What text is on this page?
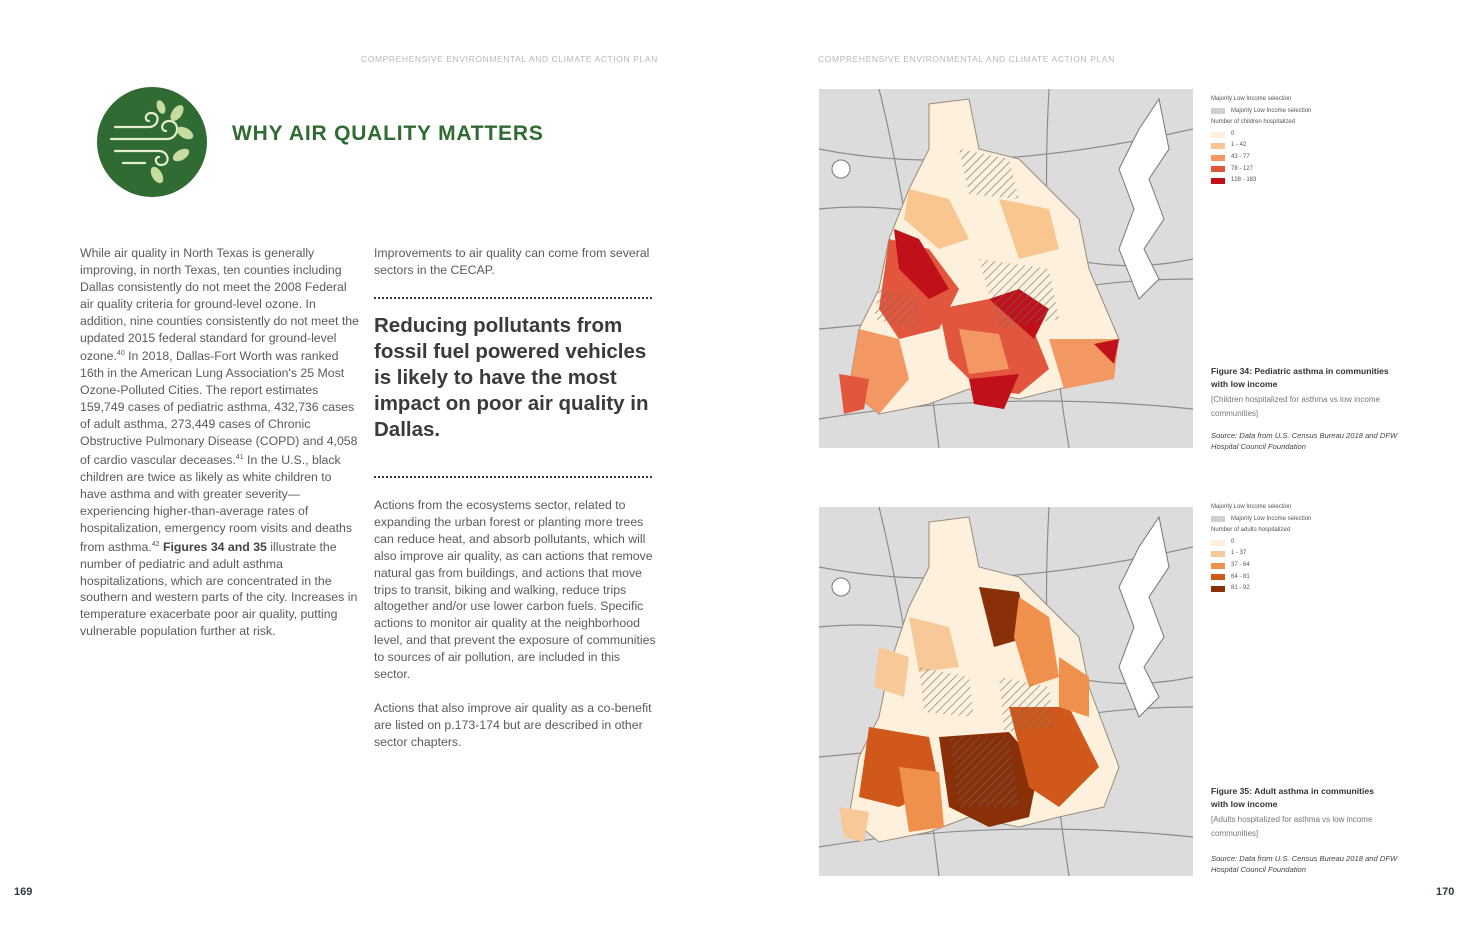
COMPREHENSIVE ENVIRONMENTAL AND CLIMATE ACTION PLAN	COMPREHENSIVE ENVIRONMENTAL AND CLIMATE ACTION PLAN
WHY AIR QUALITY MATTERS

While air quality in North Texas is generally improving, in north Texas, ten counties including Dallas consistently do not meet the 2008 Federal air quality criteria for ground-level ozone. In addition, nine counties consistently do not meet the updated 2015 federal standard for ground-level ozone.$^{40}$ In 2018, Dallas-Fort Worth was ranked 16th in the American Lung Association's 25 Most Ozone-Polluted Cities. The report estimates 159,749 cases of pediatric asthma, 432,736 cases of adult asthma, 273,449 cases of Chronic Obstructive Pulmonary Disease (COPD) and 4,058 of cardio vascular deceases.$^{41}$ In the U.S., black children are twice as likely as white children to have asthma and with greater severity—experiencing higher-than-average rates of hospitalization, emergency room visits and deaths from asthma.$^{42}$ Figures 34 and 35 illustrate the number of pediatric and adult asthma hospitalizations, which are concentrated in the southern and western parts of the city. Increases in temperature exacerbate poor air quality, putting vulnerable population further at risk.

Improvements to air quality can come from several sectors in the CECAP.
Reducing pollutants from fossil fuel powered vehicles is likely to have the most impact on poor air quality in Dallas.

Actions from the ecosystems sector, related to expanding the urban forest or planting more trees can reduce heat, and absorb pollutants, which will also improve air quality, as can actions that remove natural gas from buildings, and actions that move trips to transit, biking and walking, reduce trips altogether and/or use lower carbon fuels. Specific actions to monitor air quality at the neighborhood level, and that prevent the exposure of communities to sources of air pollution, are included in this sector.

Actions that also improve air quality as a co-benefit are listed on p.173-174 but are described in other sector chapters.

Majority Low Income selection
Majority Low Income selection
Number of children hospitalized
0
1 - 42
43 - 77
78 - 127
128 - 183
Figure 34: Pediatric asthma in communities with low income
[Children hospitalized for asthma vs low income communities]
Source: Data from U.S. Census Bureau 2018 and DFW Hospital Council Foundation
Majority Low Income selection
Majority Low Income selection
Number of adults hospitalized
0
1 - 37
37 - 64
64 - 81
81 - 92
Figure 35: Adult asthma in communities with low income
[Adults hospitalized for asthma vs low income communities]
Source: Data from U.S. Census Bureau 2018 and DFW Hospital Council Foundation
169	170
